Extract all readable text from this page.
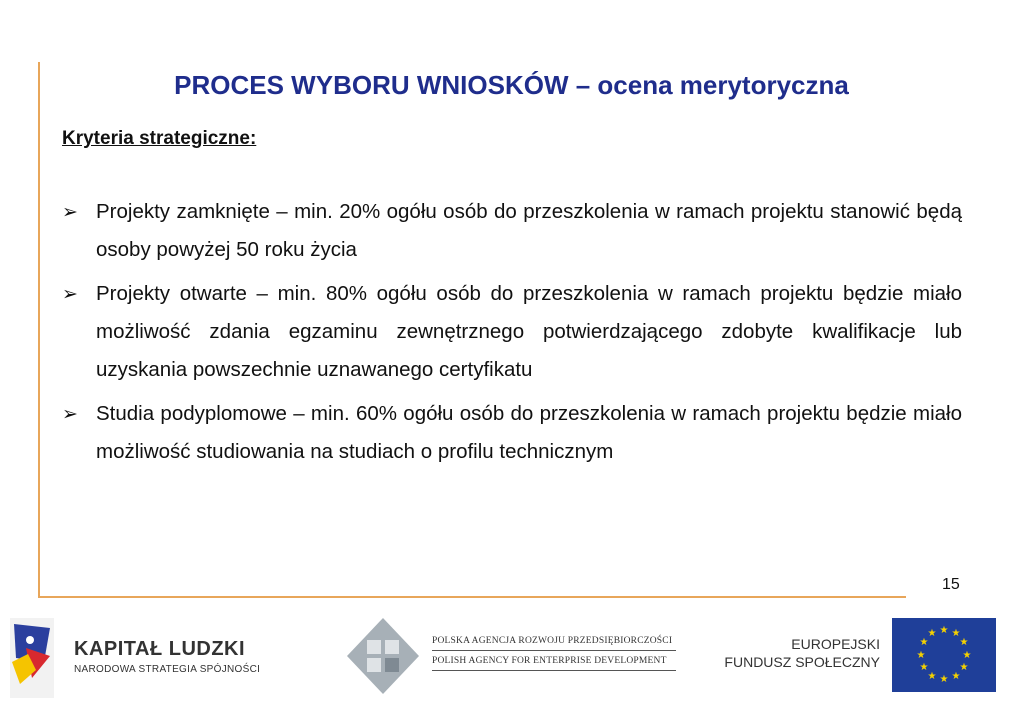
PROCES WYBORU WNIOSKÓW – ocena merytoryczna
Kryteria strategiczne:
➢ Projekty zamknięte – min. 20% ogółu osób do przeszkolenia w ramach projektu stanowić będą osoby powyżej 50 roku życia
➢ Projekty otwarte – min. 80% ogółu osób do przeszkolenia w ramach projektu będzie miało możliwość zdania egzaminu zewnętrznego potwierdzającego zdobyte kwalifikacje lub uzyskania powszechnie uznawanego certyfikatu
➢ Studia podyplomowe – min. 60% ogółu osób do przeszkolenia w ramach projektu będzie miało możliwość studiowania na studiach o profilu technicznym
15
KAPITAŁ LUDZKI
NARODOWA STRATEGIA SPÓJNOŚCI
POLSKA AGENCJA ROZWOJU PRZEDSIĘBIORCZOŚCI
POLISH AGENCY FOR ENTERPRISE DEVELOPMENT
EUROPEJSKI
FUNDUSZ SPOŁECZNY
★ ★
★
★
★
★
★
★
★
★
★
★
